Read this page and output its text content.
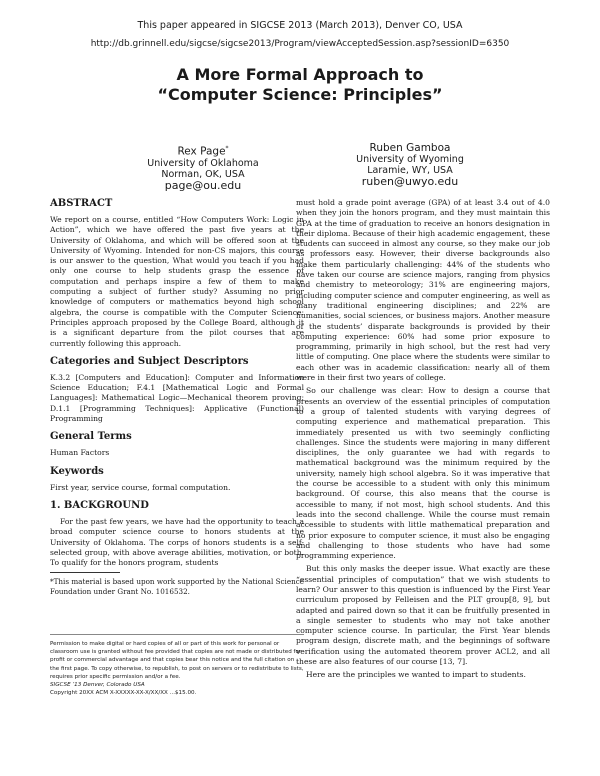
This paper appeared in SIGCSE 2013 (March 2013), Denver CO, USA
http://db.grinnell.edu/sigcse/sigcse2013/Program/viewAcceptedSession.asp?sessionID=6350
A More Formal Approach to
“Computer Science: Principles”
Rex Page*
University of Oklahoma
Norman, OK, USA
page@ou.edu
Ruben Gamboa
University of Wyoming
Laramie, WY, USA
ruben@uwyo.edu
ABSTRACT

We report on a course, entitled “How Computers Work: Logic in Action”, which we have offered the past five years at the University of Oklahoma, and which will be offered soon at the University of Wyoming. Intended for non-CS majors, this course is our answer to the question, What would you teach if you had only one course to help students grasp the essence of computation and perhaps inspire a few of them to make computing a subject of further study? Assuming no prior knowledge of computers or mathematics beyond high school algebra, the course is compatible with the Computer Science: Principles approach proposed by the College Board, although it is a significant departure from the pilot courses that are currently following this approach.

Categories and Subject Descriptors

K.3.2 [Computers and Education]: Computer and Information Science Education; F.4.1 [Mathematical Logic and Formal Languages]: Mathematical Logic—Mechanical theorem proving; D.1.1 [Programming Techniques]: Applicative (Functional) Programming

General Terms

Human Factors

Keywords

First year, service course, formal computation.

1. BACKGROUND

For the past few years, we have had the opportunity to teach a broad computer science course to honors students at the University of Oklahoma. The corps of honors students is a self-selected group, with above average abilities, motivation, or both. To qualify for the honors program, students

*This material is based upon work supported by the National Science Foundation under Grant No. 1016532.

Permission to make digital or hard copies of all or part of this work for personal or classroom use is granted without fee provided that copies are not made or distributed for profit or commercial advantage and that copies bear this notice and the full citation on the first page. To copy otherwise, to republish, to post on servers or to redistribute to lists, requires prior specific permission and/or a fee.
SIGCSE ’13 Denver, Colorado USA
Copyright 20XX ACM X-XXXXX-XX-X/XX/XX ...$15.00.

must hold a grade point average (GPA) of at least 3.4 out of 4.0 when they join the honors program, and they must maintain this GPA at the time of graduation to receive an honors designation in their diploma. Because of their high academic engagement, these students can succeed in almost any course, so they make our job as professors easy. However, their diverse backgrounds also make them particularly challenging: 44% of the students who have taken our course are science majors, ranging from physics and chemistry to meteorology; 31% are engineering majors, including computer science and computer engineering, as well as many traditional engineering disciplines; and 22% are humanities, social sciences, or business majors. Another measure of the students’ disparate backgrounds is provided by their computing experience: 60% had some prior exposure to programming, primarily in high school, but the rest had very little of computing. One place where the students were similar to each other was in academic classification: nearly all of them were in their first two years of college.

So our challenge was clear: How to design a course that presents an overview of the essential principles of computation to a group of talented students with varying degrees of computing experience and mathematical preparation. This immediately presented us with two seemingly conflicting challenges. Since the students were majoring in many different disciplines, the only guarantee we had with regards to mathematical background was the minimum required by the university, namely high school algebra. So it was imperative that the course be accessible to a student with only this minimum background. Of course, this also means that the course is accessible to many, if not most, high school students. And this leads into the second challenge. While the course must remain accessible to students with little mathematical preparation and no prior exposure to computer science, it must also be engaging and challenging to those students who have had some programming experience.

But this only masks the deeper issue. What exactly are these “essential principles of computation” that we wish students to learn? Our answer to this question is influenced by the First Year curriculum proposed by Felleisen and the PLT group[8, 9], but adapted and paired down so that it can be fruitfully presented in a single semester to students who may not take another computer science course. In particular, the First Year blends program design, discrete math, and the beginnings of software verification using the automated theorem prover ACL2, and all these are also features of our course [13, 7].

Here are the principles we wanted to impart to students.
